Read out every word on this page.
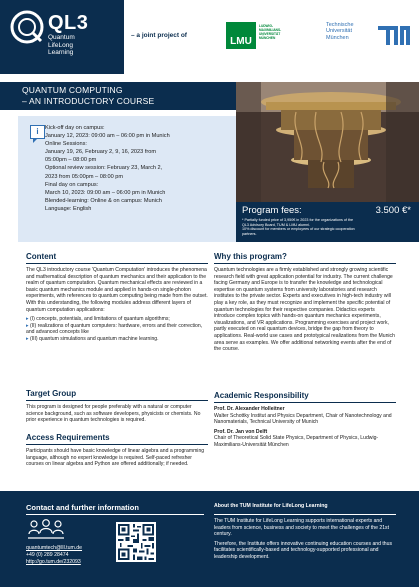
QL3
Quantum
LifeLong
Learning
– a joint project of
LMU
LUDWIG-
MAXIMILIANS-
UNIVERSITÄT
MÜNCHEN
Technische
Universität
München
QUANTUM COMPUTING
– AN INTRODUCTORY COURSE
i	Kick-off day on campus:
January 12, 2023: 09:00 am – 06:00 pm in Munich
Online Sessions:
January 19, 26, February 2, 9, 16, 2023 from
05:00pm – 08:00 pm
Optional review session: February 23, March 2,
2023 from 05:00pm – 08:00 pm
Final day on campus:
March 10, 2023: 09:00 am – 06:00 pm in Munich
Blended-learning: Online & on campus: Munich
Language: English	Program fees:	3.500 €*
* Partially funded price of 3,950€ in 2023 for the organizations of the
QL3 Advisory Board, TUM & LMU alumni.
10% discount for members or employees of our strategic cooperation
partners.
Content

The QL3 introductory course 'Quantum Computation' introduces the phenomena and mathematical description of quantum mechanics and their application to the realm of quantum computation. Quantum mechanical effects are reviewed in a basic quantum mechanics module and applied in hands-on single-photon experiments, with references to quantum computing being made from the outset. With this understanding, the following modules address different layers of quantum computation applications:

▸ (I) concepts, potentials, and limitations of quantum algorithms;
▸ (II) realizations of quantum computers: hardware, errors and their correction, and advanced concepts like
▸ (III) quantum simulations and quantum machine learning.
Target Group
This program is designed for people preferably with a natural or computer science background, such as software developers, physicists or chemists. No prior experience in quantum technologies is required.
Access Requirements
Participants should have basic knowledge of linear algebra and a programming language, although no expert knowledge is required. Self-paced refresher courses on linear algebra and Python are offered additionally; if needed.
Why this program?
Quantum technologies are a firmly established and strongly growing scientific research field with great application potential for industry. The current challenge facing Germany and Europe is to transfer the knowledge and technological expertise on quantum systems from university laboratories and research institutes to the private sector. Experts and executives in high-tech industry will play a key role, as they must recognize and implement the specific potential of quantum technologies for their respective companies. Didactics experts introduce complex topics with hands-on quantum mechanics experiments, visualizations, and VR applications. Programming exercises and project work, partly executed on real quantum devices, bridge the gap from theory to applications. Real-world use cases and prototypical realizations from the Munich area serve as examples. We offer additional networking events after the end of the course.
Academic Responsibility

Prof. Dr. Alexander Holleitner
Walter Schottky Institut and Physics Department, Chair of Nanotechnology and Nanomaterials, Technical University of Munich

Prof. Dr. Jan von Delft
Chair of Theoretical Solid State Physics, Department of Physics, Ludwig-Maximilians-Universität München

Contact and further information
quantumtech@lll.tum.de
+49 (0) 289 28474
http://go.tum.de/232093
About the TUM Institute for LifeLong Learning

The TUM Institute for LifeLong Learning supports international experts and leaders from science, business and society to meet the challenges of the 21st century.

Therefore, the Institute offers innovative continuing education courses and thus facilitates scientifically-based and technology-supported professional and leadership development.
